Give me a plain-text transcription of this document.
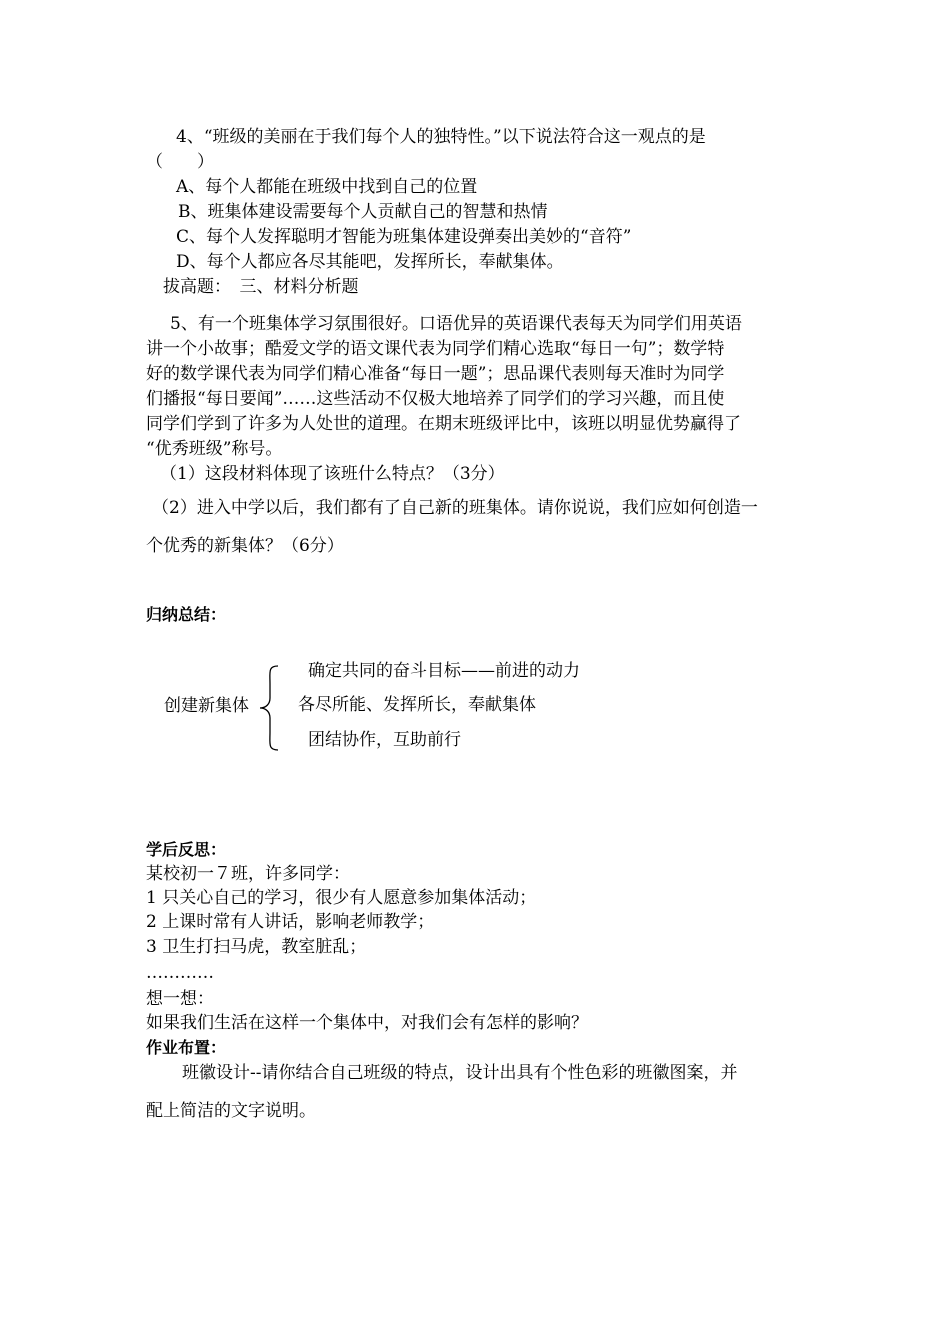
4、“班级的美丽在于我们每个人的独特性。”以下说法符合这一观点的是
（　　）
A、每个人都能在班级中找到自己的位置
B、班集体建设需要每个人贡献自己的智慧和热情
C、每个人发挥聪明才智能为班集体建设弹奏出美妙的“音符”
D、每个人都应各尽其能吧，发挥所长，奉献集体。
拔高题：　三、材料分析题
5、有一个班集体学习氛围很好。口语优异的英语课代表每天为同学们用英语
讲一个小故事；酷爱文学的语文课代表为同学们精心选取“每日一句”；数学特
好的数学课代表为同学们精心准备“每日一题”；思品课代表则每天准时为同学
们播报“每日要闻”……这些活动不仅极大地培养了同学们的学习兴趣，而且使
同学们学到了许多为人处世的道理。在期末班级评比中，该班以明显优势赢得了
“优秀班级”称号。
（1）这段材料体现了该班什么特点？（3分）
（2）进入中学以后，我们都有了自己新的班集体。请你说说，我们应如何创造一
个优秀的新集体？（6分）
归纳总结：
创建新集体
确定共同的奋斗目标——前进的动力
各尽所能、发挥所长，奉献集体
团结协作，互助前行
学后反思：
某校初一７班，许多同学：
1 只关心自己的学习，很少有人愿意参加集体活动；
2 上课时常有人讲话，影响老师教学；
3 卫生打扫马虎，教室脏乱；
…………
想一想：
如果我们生活在这样一个集体中，对我们会有怎样的影响？
作业布置：
班徽设计--请你结合自己班级的特点，设计出具有个性色彩的班徽图案，并
配上简洁的文字说明。
